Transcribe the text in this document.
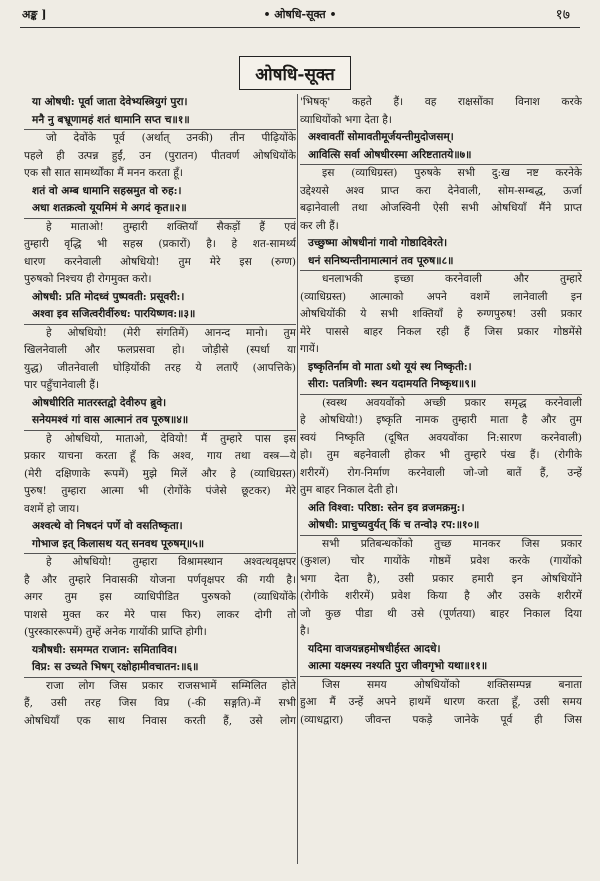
अङ्क ]	• ओषधि-सूक्त •	१७
ओषधि-सूक्त
या ओषधी: पूर्वा जाता देवेभ्यस्त्रियुगं पुरा।
मनै नु बभ्रूणामहं शतं धामानि सप्त च॥१॥
जो देवोंके पूर्व (अर्थात् उनकी) तीन पीढ़ियोंके
पहले ही उत्पन्न हुईं, उन (पुरातन) पीतवर्ण ओषधियोंके
एक सौ सात सामर्थ्योंका मैं मनन करता हूँ।
शतं वो अम्ब धामानि सहस्रमुत वो रुह:।
अधा शतक्रत्वो यूयमिमं मे अगदं कृत॥२॥
हे माताओ! तुम्हारी शक्तियाँ सैकड़ों हैं एवं
तुम्हारी वृद्धि भी सहस्र (प्रकारों) है। हे शत-सामर्थ्य
धारण करनेवाली ओषधियो! तुम मेरे इस (रुग्ण)
पुरुषको निश्चय ही रोगमुक्त करो।
ओषधी: प्रति मोदध्वं पुष्पवती: प्रसूवरी:।
अश्वा इव सजित्वरीर्वीरुध: पारयिष्णव:॥३॥
हे ओषधियो! (मेरी संगतिमें) आनन्द मानो। तुम
खिलनेवाली और फलप्रसवा हो। जोड़ीसे (स्पर्धा या
युद्ध) जीतनेवाली घोड़ियोंकी तरह ये लताएँ (आपत्तिके)
पार पहुँचानेवाली हैं।
ओषधीरिति मातरस्तद्वो देवीरुप ब्रुवे।
सनेयमश्वं गां वास आत्मानं तव पूरुष॥४॥
हे ओषधियो, माताओ, देवियो! मैं तुम्हारे पास इस
प्रकार याचना करता हूँ कि अश्व, गाय तथा वस्त्र—ये
(मेरी दक्षिणाके रूपमें) मुझे मिलें और हे (व्याधिग्रस्त)
पुरुष! तुम्हारा आत्मा भी (रोगोंके पंजेसे छूटकर) मेरे
वशमें हो जाय।
अश्वत्थे वो निषदनं पर्णे वो वसतिष्कृता।
गोभाज इत् किलासथ यत् सनवथ पूरुषम्॥५॥
हे ओषधियो! तुम्हारा विश्रामस्थान अश्वत्थवृक्षपर
है और तुम्हारे निवासकी योजना पर्णवृक्षपर की गयी है।
अगर तुम इस व्याधिपीडित पुरुषको (व्याधियोंके
पाशसे मुक्त कर मेरे पास फिर) लाकर दोगी तो
(पुरस्काररूपमें) तुम्हें अनेक गायोंकी प्राप्ति होगी।
यत्रौषधी: समग्मत राजान: समिताविव।
विप्र: स उच्यते भिषग् रक्षोहामीवचातन:॥६॥
राजा लोग जिस प्रकार राजसभामें सम्मिलित होते
हैं, उसी तरह जिस विप्र (-की सङ्गति)-में सभी
ओषधियाँ एक साथ निवास करती हैं, उसे लोग
'भिषक्' कहते हैं। वह राक्षसोंका विनाश करके
व्याधियोंको भगा देता है।
अश्वावतीं सोमावतीमूर्जयन्तीमुदोजसम्।
आवित्सि सर्वा ओषधीरस्मा अरिष्टतातये॥७॥
इस (व्याधिग्रस्त) पुरुषके सभी दु:ख नष्ट करनेके
उद्देश्यसे अश्व प्राप्त करा देनेवाली, सोम-सम्बद्ध, ऊर्जा
बढ़ानेवाली तथा ओजस्विनी ऐसी सभी ओषधियाँ मैंने प्राप्त
कर ली हैं।
उच्छुष्मा ओषधीनां गावो गोष्ठादिवेरते।
धनं सनिष्यन्तीनामात्मानं तव पूरुष॥८॥
धनलाभकी इच्छा करनेवाली और तुम्हारे
(व्याधिग्रस्त) आत्माको अपने वशमें लानेवाली इन
ओषधियोंकी ये सभी शक्तियाँ हे रुग्णपुरुष! उसी प्रकार
मेरे पाससे बाहर निकल रही हैं जिस प्रकार गोष्ठमेंसे
गायें।
इष्कृतिर्नाम वो माता ऽथो यूयं स्थ निष्कृती:।
सीरा: पतत्रिणी: स्थन यदामयति निष्कृथ॥९॥
(स्वस्थ अवयवोंको अच्छी प्रकार समृद्ध करनेवाली
हे ओषधियो!) इष्कृति नामक तुम्हारी माता है और तुम
स्वयं निष्कृति (दूषित अवयवोंका नि:सारण करनेवाली)
हो। तुम बहनेवाली होकर भी तुम्हारे पंख हैं। (रोगीके
शरीरमें) रोग-निर्माण करनेवाली जो-जो बातें हैं, उन्हें
तुम बाहर निकाल देती हो।
अति विश्वा: परिष्ठा: स्तेन इव व्रजमक्रमु:।
ओषधी: प्राचुच्यवुर्यत् किं च तन्वो३ रप:॥१०॥
सभी प्रतिबन्धकोंको तुच्छ मानकर जिस प्रकार
(कुशल) चोर गायोंके गोष्ठमें प्रवेश करके (गायोंको
भगा देता है), उसी प्रकार हमारी इन ओषधियोंने
(रोगीके शरीरमें) प्रवेश किया है और उसके शरीरमें
जो कुछ पीडा थी उसे (पूर्णतया) बाहर निकाल दिया
है।
यदिमा वाजयन्नहमोषधीर्हस्त आदधे।
आत्मा यक्ष्मस्य नश्यति पुरा जीवगृभो यथा॥११॥
जिस समय ओषधियोंको शक्तिसम्पन्न बनाता
हुआ मैं उन्हें अपने हाथमें धारण करता हूँ, उसी समय
(व्याधद्वारा) जीवन्त पकड़े जानेके पूर्व ही जिस
